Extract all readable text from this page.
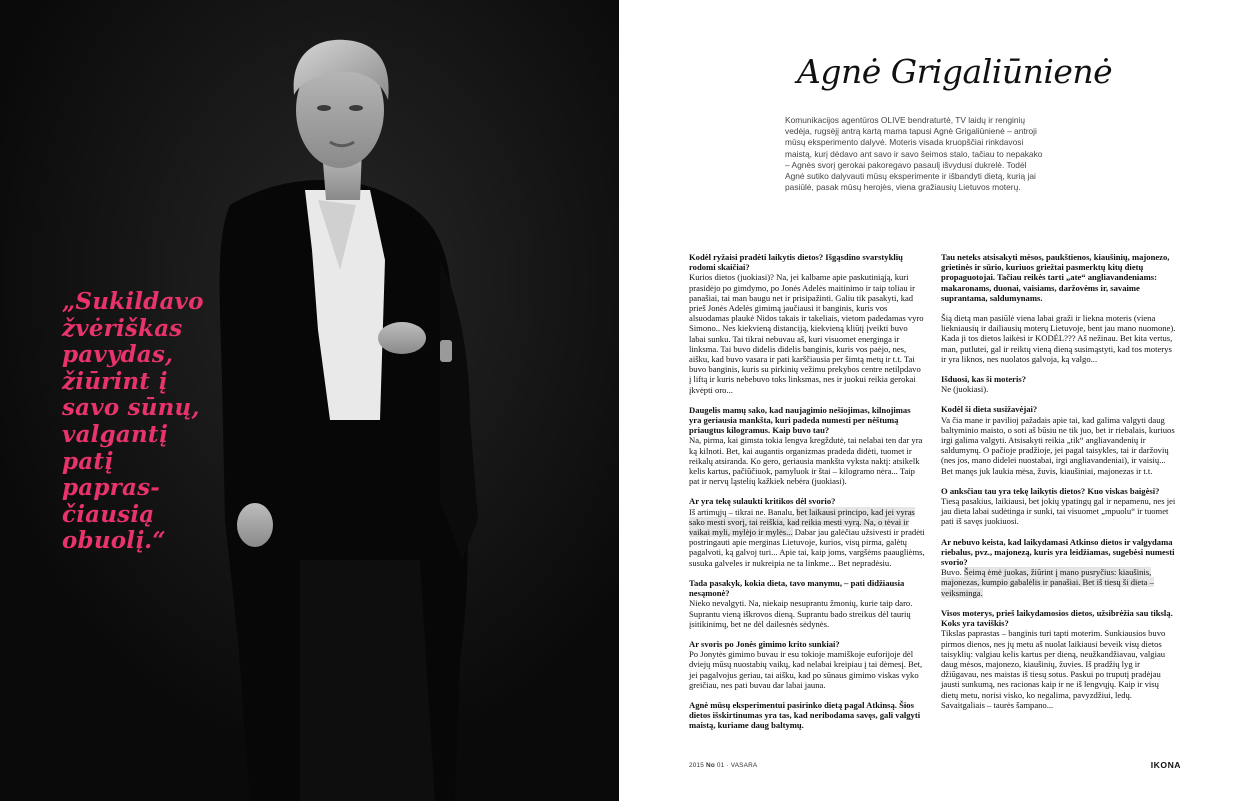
„Sukildavo žvėriškas pavydas, žiūrint į savo sūnų, valgantį patį paprasčiausią obuolį.“

Agnė Grigaliūnienė

Komunikacijos agentūros OLIVE bendraturtė, TV laidų ir renginių vedėja, rugsėjį antrą kartą mama tapusi Agnė Grigaliūnienė – antroji mūsų eksperimento dalyvė. Moteris visada kruopščiai rinkdavosi maistą, kurį dėdavo ant savo ir savo šeimos stalo, tačiau to nepakako – Agnės svorį gerokai pakoregavo pasaulį išvydusi dukrelė. Todėl Agnė sutiko dalyvauti mūsų eksperimente ir išbandyti dietą, kurią jai pasiūlė, pasak mūsų herojės, viena gražiausių Lietuvos moterų.

Kodėl ryžaisi pradėti laikytis dietos? Išgąsdino svarstyklių rodomi skaičiai?

Kurios dietos (juokiasi)? Na, jei kalbame apie paskutiniąją, kuri prasidėjo po gimdymo, po Jonės Adelės maitinimo ir taip toliau ir panašiai, tai man baugu net ir prisipažinti. Galiu tik pasakyti, kad prieš Jonės Adelės gimimą jaučiausi it banginis, kuris vos alsuodamas plaukė Nidos takais ir takeliais, vietom padedamas vyro Simono.. Nes kiekvieną distanciją, kiekvieną kliūtį įveikti buvo labai sunku. Tai tikrai nebuvau aš, kuri visuomet energinga ir linksma. Tai buvo didelis didelis banginis, kuris vos paėjo, nes, aišku, kad buvo vasara ir pati karščiausia per šimtą metų ir t.t. Tai buvo banginis, kuris su pirkinių vežimu prekybos centre netilpdavo į liftą ir kuris nebebuvo toks linksmas, nes ir juokui reikia gerokai įkvėpti oro...

Daugelis mamų sako, kad naujagimio nešiojimas, kilnojimas yra geriausia mankšta, kuri padeda numesti per nėštumą priaugtus kilogramus. Kaip buvo tau?

Na, pirma, kai gimsta tokia lengva kregždutė, tai nelabai ten dar yra ką kilnoti. Bet, kai augantis organizmas pradeda didėti, tuomet ir reikalų atsiranda. Ko gero, geriausia mankšta vyksta naktį: atsikelk kelis kartus, pačiūčiuok, pamyluok ir štai – kilogramo nėra... Taip pat ir nervų ląstelių kažkiek nebėra (juokiasi).

Ar yra tekę sulaukti kritikos dėl svorio?

Iš artimųjų – tikrai ne. Banalu, bet laikausi principo, kad jei vyras sako mesti svorį, tai reiškia, kad reikia mesti vyrą. Na, o tėvai ir vaikai myli, mylėjo ir mylės... Dabar jau galėčiau užsivesti ir pradėti postringauti apie merginas Lietuvoje, kurios, visų pirma, galėtų pagalvoti, ką galvoj turi... Apie tai, kaip joms, vargšėms paaugliėms, susuka galveles ir nukreipia ne ta linkme... Bet nepradėsiu.

Tada pasakyk, kokia dieta, tavo manymu, – pati didžiausia nesąmonė?

Nieko nevalgyti. Na, niekaip nesuprantu žmonių, kurie taip daro. Suprantu vieną iškrovos dieną. Suprantu bado streikus dėl taurių įsitikinimų, bet ne dėl dailesnės sėdynės.

Ar svoris po Jonės gimimo krito sunkiai?

Po Jonytės gimimo buvau ir esu tokioje mamiškoje euforijoje dėl dviejų mūsų nuostabių vaikų, kad nelabai kreipiau į tai dėmesį. Bet, jei pagalvojus geriau, tai aišku, kad po sūnaus gimimo viskas vyko greičiau, nes pati buvau dar labai jauna.

Agnė mūsų eksperimentui pasirinko dietą pagal Atkinsą. Šios dietos išskirtinumas yra tas, kad neribodama savęs, gali valgyti maistą, kuriame daug baltymų.

Tau neteks atsisakyti mėsos, paukštienos, kiaušinių, majonezo, grietinės ir sūrio, kuriuos griežtai pasmerktų kitų dietų propaguotojai. Tačiau reikės tarti „ate“ angliavandeniams: makaronams, duonai, vaisiams, daržovėms ir, savaime suprantama, saldumynams.

Šią dietą man pasiūlė viena labai graži ir liekna moteris (viena liekniausių ir dailiausių moterų Lietuvoje, bent jau mano nuomone). Kada ji tos dietos laikėsi ir KODĖL??? Aš nežinau. Bet kita vertus, man, putlutei, gal ir reiktų vieną dieną susimąstyti, kad tos moterys ir yra liknos, nes nuolatos galvoja, ką valgo...

Išduosi, kas ši moteris?

Ne (juokiasi).

Kodėl ši dieta susižavėjai?

Va čia mane ir pavilioj pažadais apie tai, kad galima valgyti daug baltyminio maisto, o soti aš būsiu ne tik juo, bet ir riebalais, kuriuos irgi galima valgyti. Atsisakyti reikia „tik“ angliavandenių ir saldumynų. O pačioje pradžioje, jei pagal taisykles, tai ir daržovių (nes jos, mano didelei nuostabai, irgi angliavandeniai), ir vaisių... Bet manęs juk laukia mėsa, žuvis, kiaušiniai, majonezas ir t.t.

O anksčiau tau yra tekę laikytis dietos? Kuo viskas baigėsi?

Tiesą pasakius, laikiausi, bet jokių ypatingų gal ir nepamenu, nes jei jau dieta labai sudėtinga ir sunki, tai visuomet „mpuolu“ ir tuomet pati iš savęs juokiuosi.

Ar nebuvo keista, kad laikydamasi Atkinso dietos ir valgydama riebalus, pvz., majonezą, kuris yra leidžiamas, sugebėsi numesti svorio?

Buvo. Šeimą ėmė juokas, žiūrint į mano pusryčius: kiaušinis, majonezas, kumpio gabalėlis ir panašiai. Bet iš tiesų ši dieta – veiksminga.

Visos moterys, prieš laikydamosios dietos, užsibrėžia sau tikslą. Koks yra taviškis?

Tikslas paprastas – banginis turi tapti moterim. Sunkiausios buvo pirmos dienos, nes jų metu aš nuolat laikiausi beveik visų dietos taisyklių: valgiau kelis kartus per dieną, neužkandžiavau, valgiau daug mėsos, majonezo, kiaušinių, žuvies. Iš pradžių lyg ir džiūgavau, nes maistas iš tiesų sotus. Paskui po truputį pradėjau jausti sunkumą, nes racionas kaip ir ne iš lengvųjų. Kaip ir visų dietų metu, norisi visko, ko negalima, pavyzdžiui, ledų. Savaitgaliais – taurės šampano...

2015 No 01 · VASARA	IKONA
